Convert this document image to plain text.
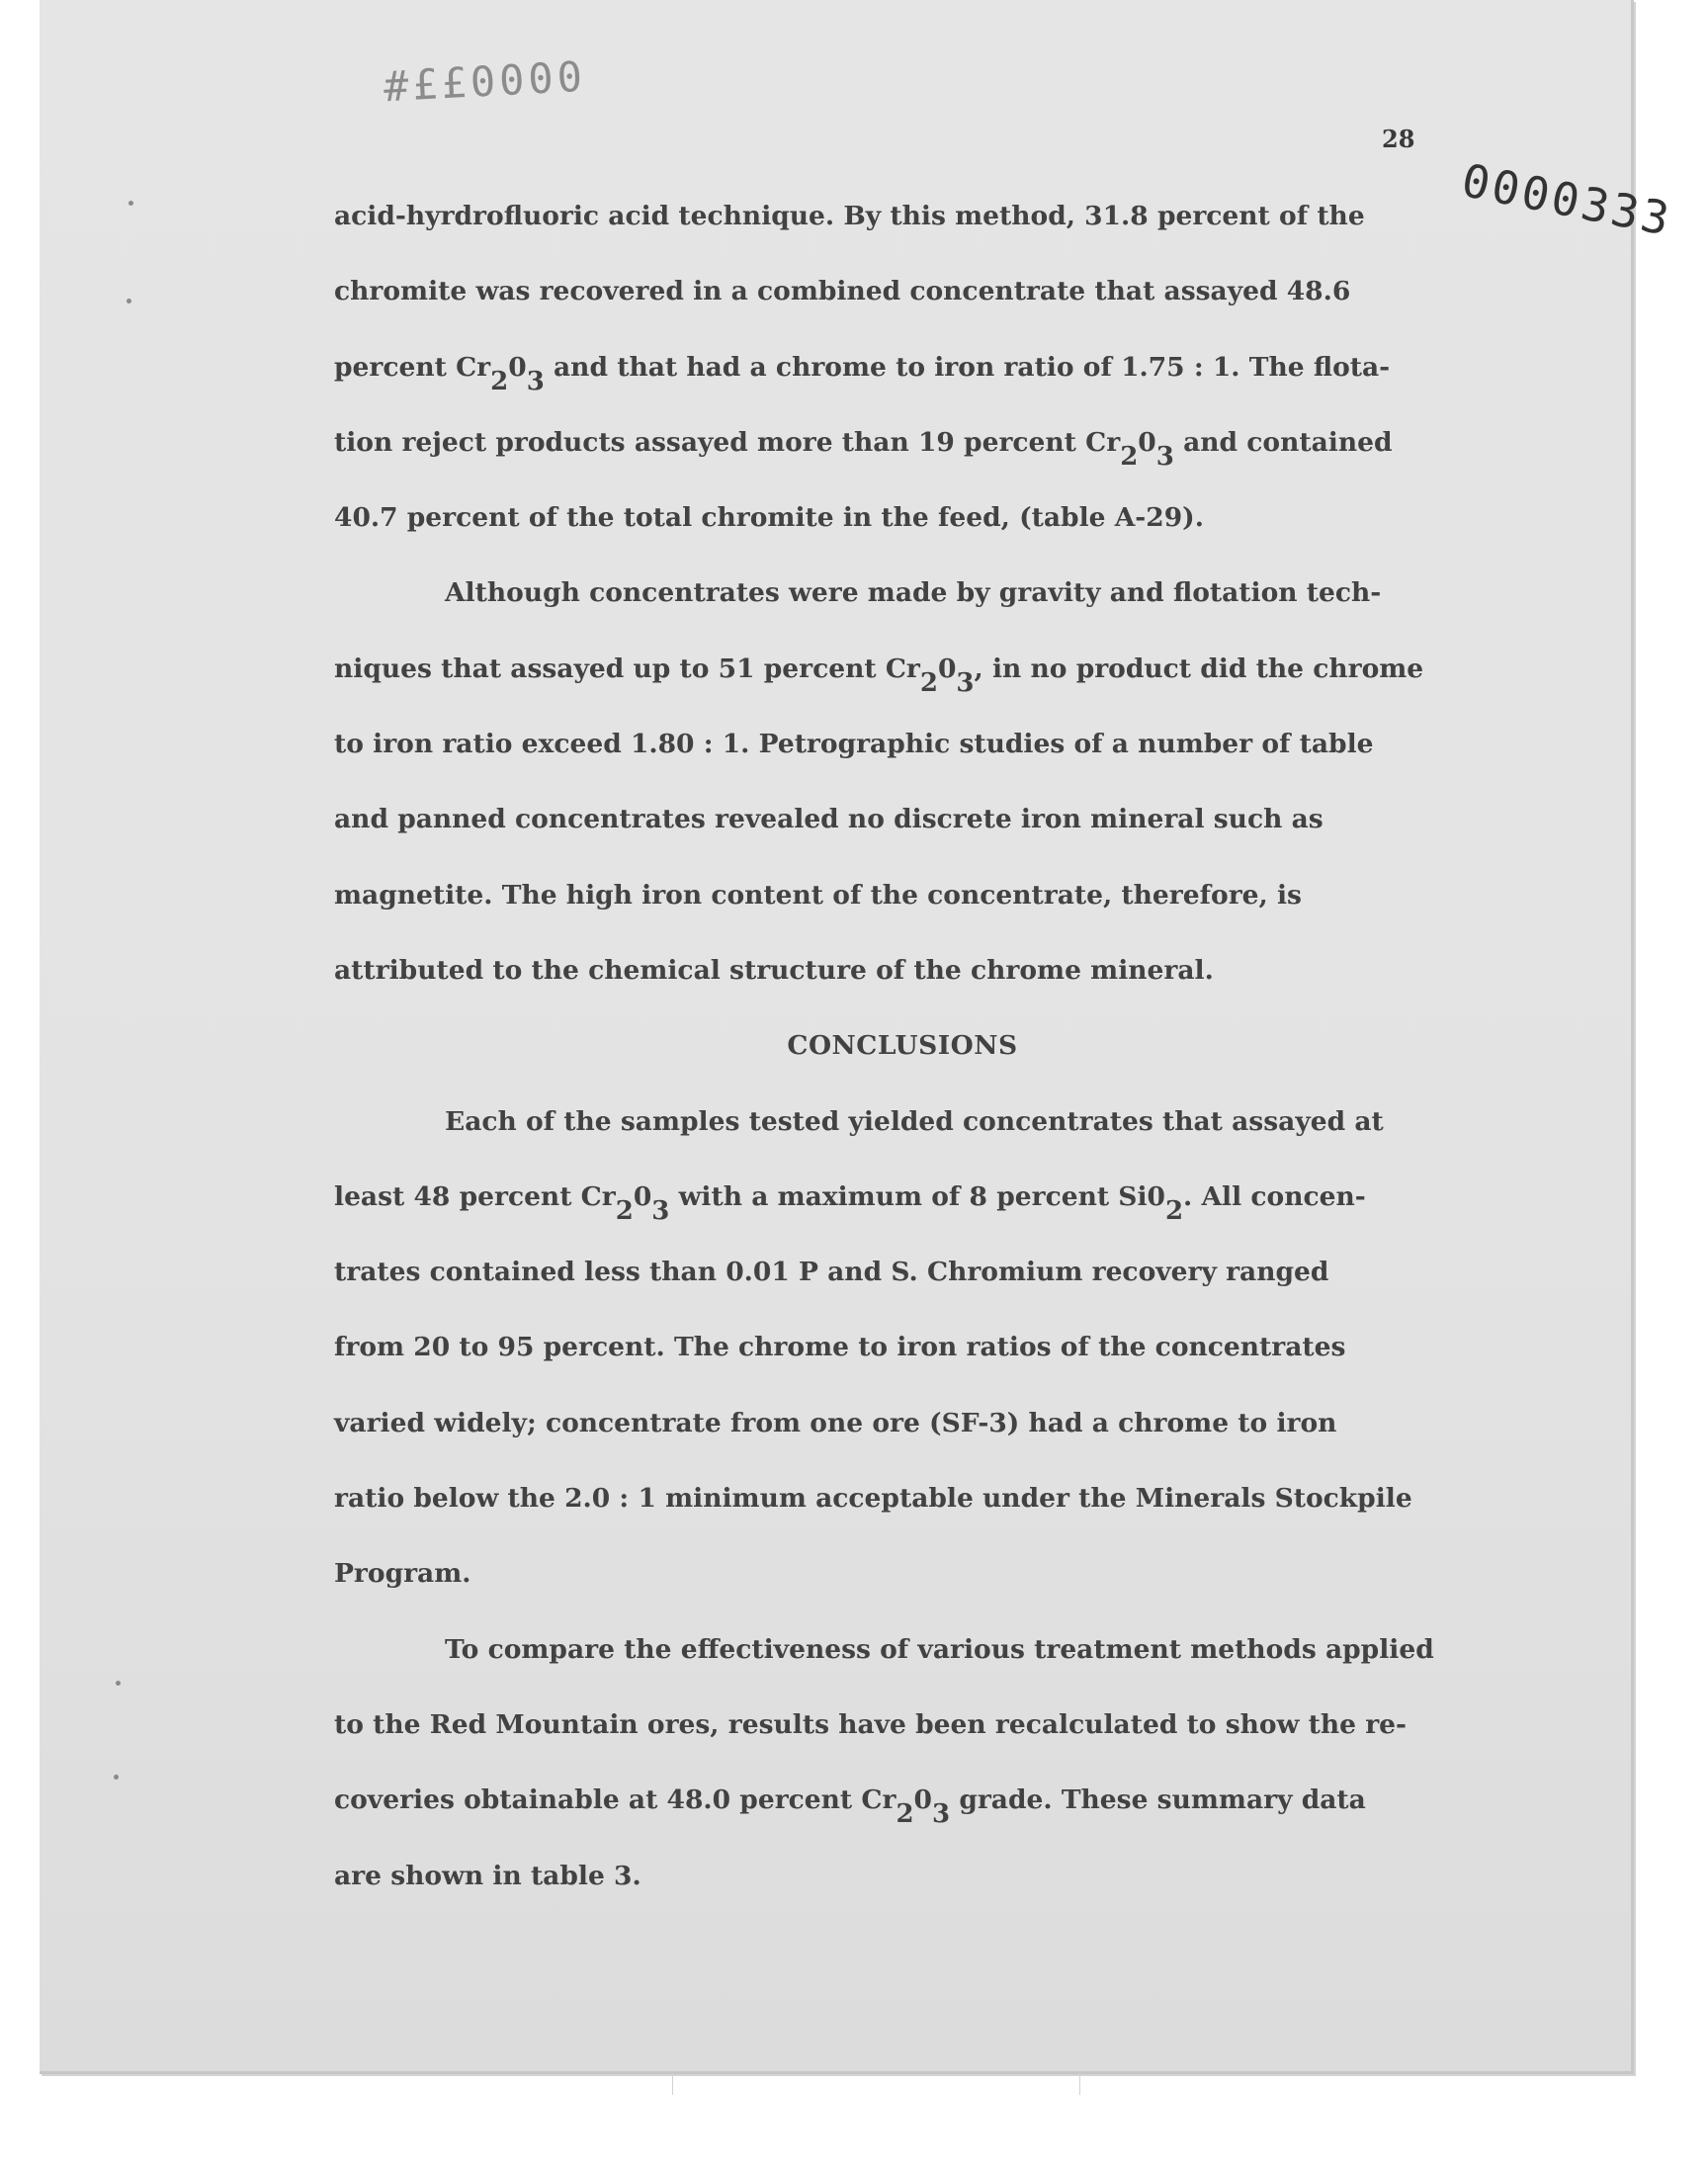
#££0000
28
0000333
acid-hyrdrofluoric acid technique. By this method, 31.8 percent of the
chromite was recovered in a combined concentrate that assayed 48.6
percent Cr203 and that had a chrome to iron ratio of 1.75 : 1. The flota-
tion reject products assayed more than 19 percent Cr203 and contained
40.7 percent of the total chromite in the feed, (table A-29).
Although concentrates were made by gravity and flotation tech-
niques that assayed up to 51 percent Cr203, in no product did the chrome
to iron ratio exceed 1.80 : 1. Petrographic studies of a number of table
and panned concentrates revealed no discrete iron mineral such as
magnetite. The high iron content of the concentrate, therefore, is
attributed to the chemical structure of the chrome mineral.
CONCLUSIONS
Each of the samples tested yielded concentrates that assayed at
least 48 percent Cr203 with a maximum of 8 percent Si02. All concen-
trates contained less than 0.01 P and S. Chromium recovery ranged
from 20 to 95 percent. The chrome to iron ratios of the concentrates
varied widely; concentrate from one ore (SF-3) had a chrome to iron
ratio below the 2.0 : 1 minimum acceptable under the Minerals Stockpile
Program.
To compare the effectiveness of various treatment methods applied
to the Red Mountain ores, results have been recalculated to show the re-
coveries obtainable at 48.0 percent Cr203 grade. These summary data
are shown in table 3.
